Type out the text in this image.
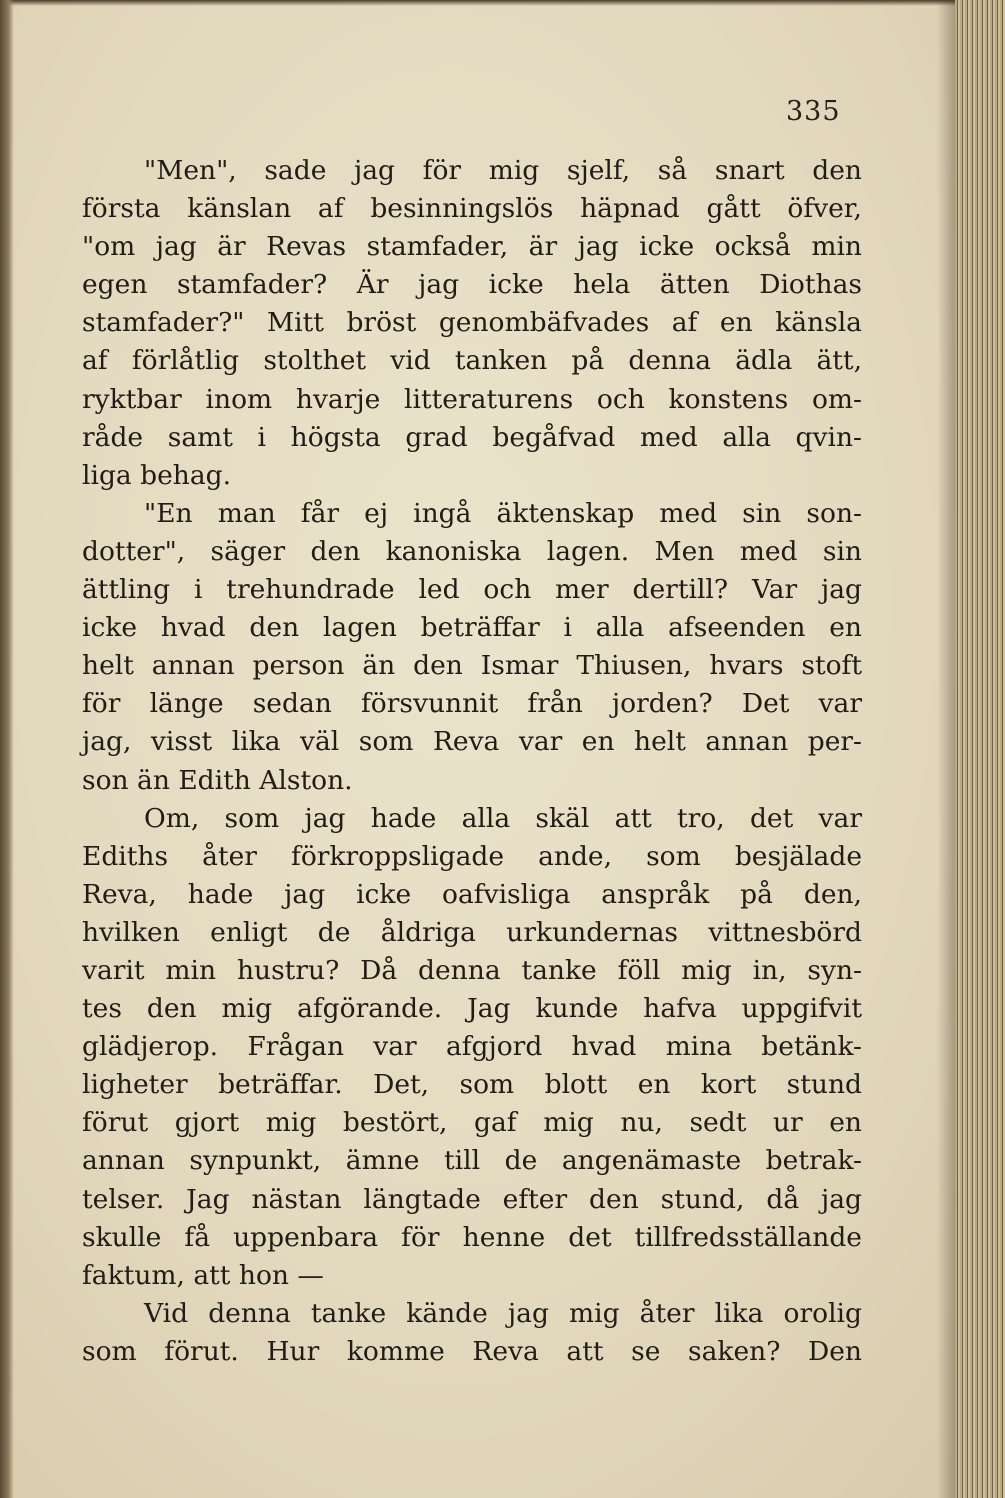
335
"Men", sade jag för mig sjelf, så snart den
första känslan af besinningslös häpnad gått öfver,
"om jag är Revas stamfader, är jag icke också min
egen stamfader? Är jag icke hela ätten Diothas
stamfader?" Mitt bröst genombäfvades af en känsla
af förlåtlig stolthet vid tanken på denna ädla ätt,
ryktbar inom hvarje litteraturens och konstens om-
råde samt i högsta grad begåfvad med alla qvin-
liga behag.
"En man får ej ingå äktenskap med sin son-
dotter", säger den kanoniska lagen. Men med sin
ättling i trehundrade led och mer dertill? Var jag
icke hvad den lagen beträffar i alla afseenden en
helt annan person än den Ismar Thiusen, hvars stoft
för länge sedan försvunnit från jorden? Det var
jag, visst lika väl som Reva var en helt annan per-
son än Edith Alston.
Om, som jag hade alla skäl att tro, det var
Ediths åter förkroppsligade ande, som besjälade
Reva, hade jag icke oafvisliga anspråk på den,
hvilken enligt de åldriga urkundernas vittnesbörd
varit min hustru? Då denna tanke föll mig in, syn-
tes den mig afgörande. Jag kunde hafva uppgifvit
glädjerop. Frågan var afgjord hvad mina betänk-
ligheter beträffar. Det, som blott en kort stund
förut gjort mig bestört, gaf mig nu, sedt ur en
annan synpunkt, ämne till de angenämaste betrak-
telser. Jag nästan längtade efter den stund, då jag
skulle få uppenbara för henne det tillfredsställande
faktum, att hon —
Vid denna tanke kände jag mig åter lika orolig
som förut. Hur komme Reva att se saken? Den
